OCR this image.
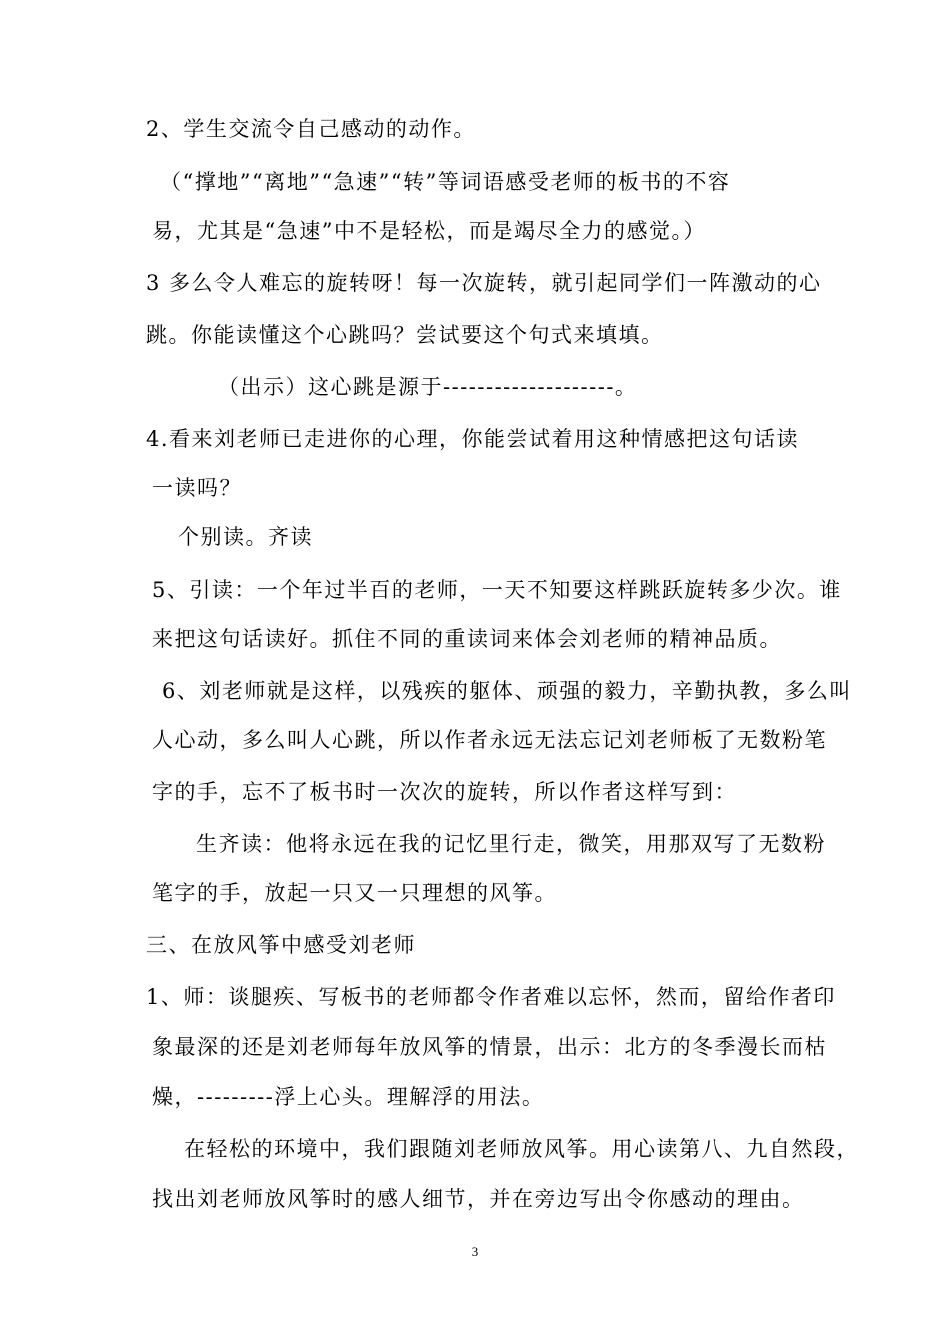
2、学生交流令自己感动的动作。
（“撑地”“离地”“急速”“转”等词语感受老师的板书的不容
易，尤其是“急速”中不是轻松，而是竭尽全力的感觉。）
3 多么令人难忘的旋转呀！每一次旋转，就引起同学们一阵激动的心
跳。你能读懂这个心跳吗？尝试要这个句式来填填。
（出示）这心跳是源于--------------------。
4.看来刘老师已走进你的心理，你能尝试着用这种情感把这句话读
一读吗？
个别读。齐读
5、引读：一个年过半百的老师，一天不知要这样跳跃旋转多少次。谁
来把这句话读好。抓住不同的重读词来体会刘老师的精神品质。
6、刘老师就是这样，以残疾的躯体、顽强的毅力，辛勤执教，多么叫
人心动，多么叫人心跳，所以作者永远无法忘记刘老师板了无数粉笔
字的手，忘不了板书时一次次的旋转，所以作者这样写到：
生齐读：他将永远在我的记忆里行走，微笑，用那双写了无数粉
笔字的手，放起一只又一只理想的风筝。
三、在放风筝中感受刘老师
1、师：谈腿疾、写板书的老师都令作者难以忘怀，然而，留给作者印
象最深的还是刘老师每年放风筝的情景，出示：北方的冬季漫长而枯
燥，---------浮上心头。理解浮的用法。
在轻松的环境中，我们跟随刘老师放风筝。用心读第八、九自然段，
找出刘老师放风筝时的感人细节，并在旁边写出令你感动的理由。
3
